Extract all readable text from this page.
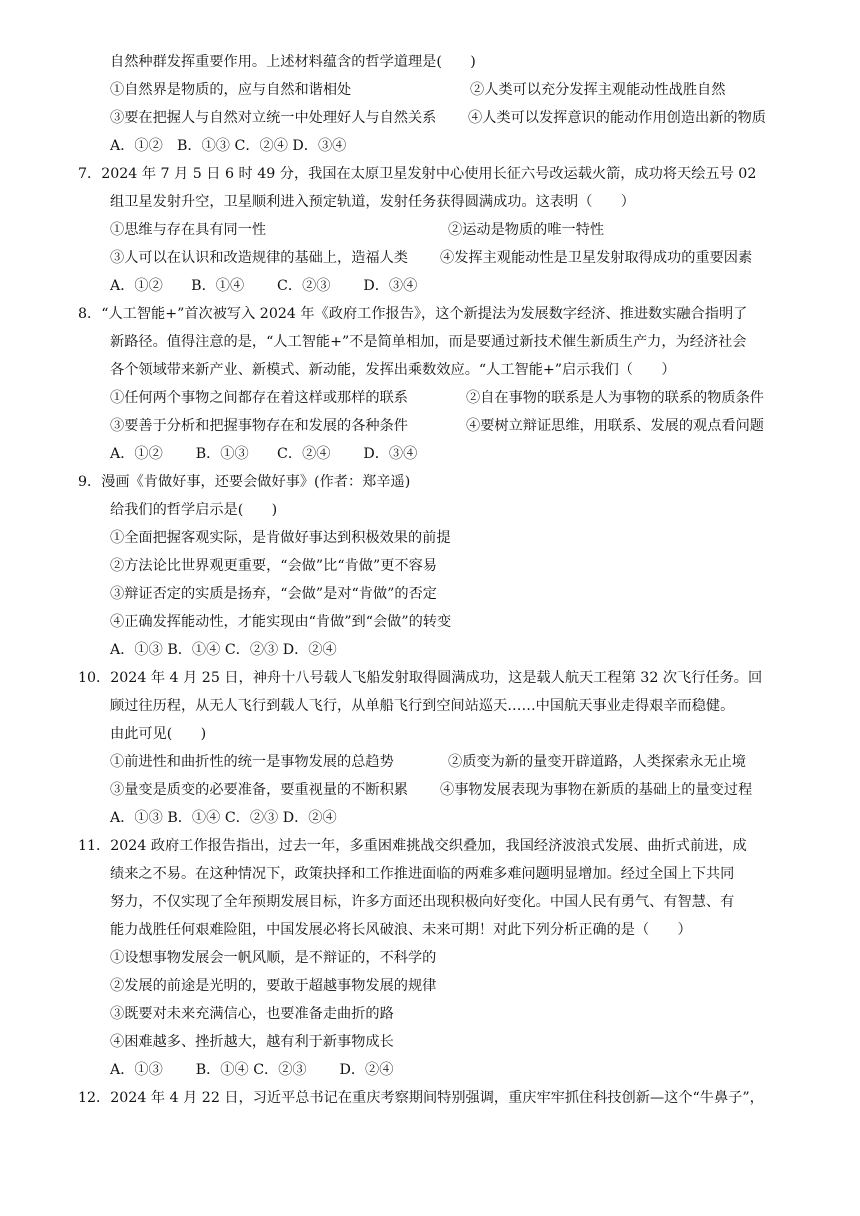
自然种群发挥重要作用。上述材料蕴含的哲学道理是(　　)
①自然界是物质的，应与自然和谐相处	②人类可以充分发挥主观能动性战胜自然
③要在把握人与自然对立统一中处理好人与自然关系 ④人类可以发挥意识的能动作用创造出新的物质
A．①②　B．①③ C．②④ D．③④
7．2024 年 7 月 5 日 6 时 49 分，我国在太原卫星发射中心使用长征六号改运载火箭，成功将天绘五号 02
组卫星发射升空，卫星顺利进入预定轨道，发射任务获得圆满成功。这表明（　　）
①思维与存在具有同一性	②运动是物质的唯一特性
③人可以在认识和改造规律的基础上，造福人类 ④发挥主观能动性是卫星发射取得成功的重要因素
A．①②　　B．①④　　 C．②③　　 D．③④
8．“人工智能+”首次被写入 2024 年《政府工作报告》，这个新提法为发展数字经济、推进数实融合指明了
新路径。值得注意的是，“人工智能+”不是简单相加，而是要通过新技术催生新质生产力，为经济社会
各个领域带来新产业、新模式、新动能，发挥出乘数效应。“人工智能+”启示我们（　　）
①任何两个事物之间都存在着这样或那样的联系	②自在事物的联系是人为事物的联系的物质条件
③要善于分析和把握事物存在和发展的各种条件	④要树立辩证思维，用联系、发展的观点看问题
A．①②　　 B．①③　　C．②④　　 D．③④
9．漫画《肯做好事，还要会做好事》(作者：郑辛遥)
给我们的哲学启示是(　　)
①全面把握客观实际，是肯做好事达到积极效果的前提
②方法论比世界观更重要，“会做”比“肯做”更不容易
③辩证否定的实质是扬弃，“会做”是对“肯做”的否定
④正确发挥能动性，才能实现由“肯做”到“会做”的转变
A．①③ B．①④ C．②③ D．②④
10．2024 年 4 月 25 日，神舟十八号载人飞船发射取得圆满成功，这是载人航天工程第 32 次飞行任务。回
顾过往历程，从无人飞行到载人飞行，从单船飞行到空间站巡天……中国航天事业走得艰辛而稳健。
由此可见(　　)
①前进性和曲折性的统一是事物发展的总趋势	②质变为新的量变开辟道路，人类探索永无止境
③量变是质变的必要准备，要重视量的不断积累 ④事物发展表现为事物在新质的基础上的量变过程
A．①③ B．①④ C．②③ D．②④
11．2024 政府工作报告指出，过去一年，多重困难挑战交织叠加，我国经济波浪式发展、曲折式前进，成
绩来之不易。在这种情况下，政策抉择和工作推进面临的两难多难问题明显增加。经过全国上下共同
努力，不仅实现了全年预期发展目标，许多方面还出现积极向好变化。中国人民有勇气、有智慧、有
能力战胜任何艰难险阻，中国发展必将长风破浪、未来可期！对此下列分析正确的是（　　）
①设想事物发展会一帆风顺，是不辩证的，不科学的
②发展的前途是光明的，要敢于超越事物发展的规律
③既要对未来充满信心，也要准备走曲折的路
④困难越多、挫折越大，越有利于新事物成长
A．①③　　 B．①④ C．②③　　 D．②④
12．2024 年 4 月 22 日，习近平总书记在重庆考察期间特别强调，重庆牢牢抓住科技创新—这个“牛鼻子”，
